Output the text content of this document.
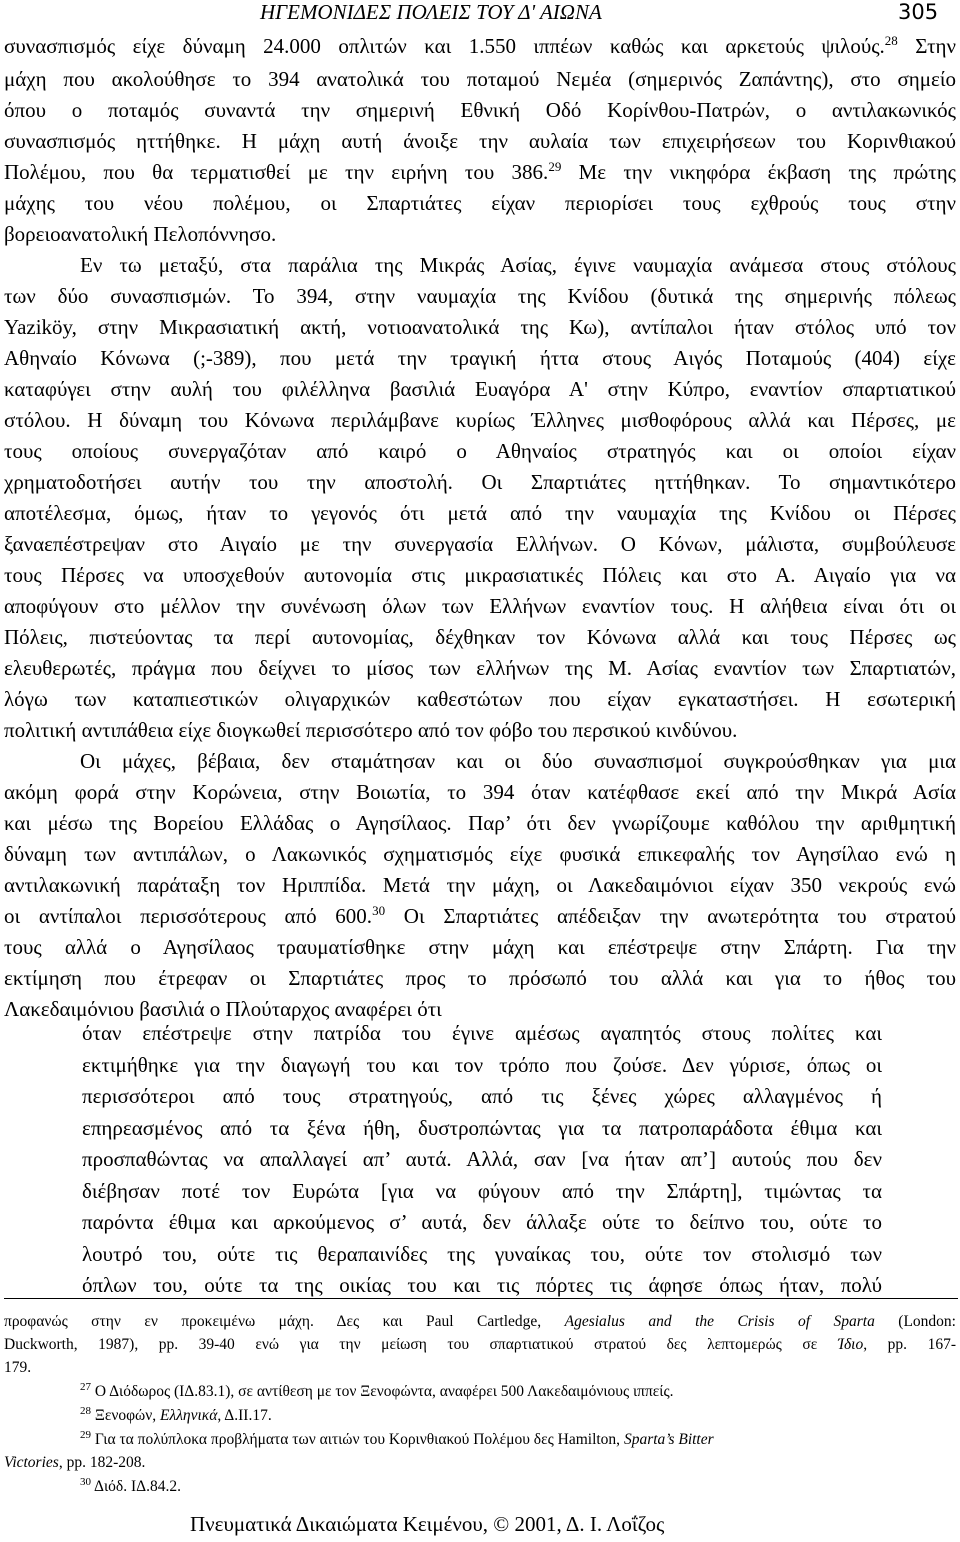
ΗΓΕΜΟΝΙΔΕΣ ΠΟΛΕΙΣ ΤΟΥ Δ' ΑΙΩΝΑ	305
συνασπισμός είχε δύναμη 24.000 οπλιτών και 1.550 ιππέων καθώς και αρκετούς ψιλούς.$^{28}$ Στην
μάχη που ακολούθησε το 394 ανατολικά του ποταμού Νεμέα (σημερινός Ζαπάντης), στο σημείο
όπου ο ποταμός συναντά την σημερινή Εθνική Οδό Κορίνθου-Πατρών, ο αντιλακωνικός
συνασπισμός ηττήθηκε. Η μάχη αυτή άνοιξε την αυλαία των επιχειρήσεων του Κορινθιακού
Πολέμου, που θα τερματισθεί με την ειρήνη του 386.29 Με την νικηφόρα έκβαση της πρώτης
μάχης του νέου πολέμου, οι Σπαρτιάτες είχαν περιορίσει τους εχθρούς τους στην
βορειοανατολική Πελοπόννησο.
Εν τω μεταξύ, στα παράλια της Μικράς Ασίας, έγινε ναυμαχία ανάμεσα στους στόλους
των δύο συνασπισμών. Το 394, στην ναυμαχία της Κνίδου (δυτικά της σημερινής πόλεως
Yaziköy, στην Μικρασιατική ακτή, νοτιοανατολικά της Κω), αντίπαλοι ήταν στόλος υπό τον
Αθηναίο Κόνωνα (;-389), που μετά την τραγική ήττα στους Αιγός Ποταμούς (404) είχε
καταφύγει στην αυλή του φιλέλληνα βασιλιά Ευαγόρα Α' στην Κύπρο, εναντίον σπαρτιατικού
στόλου. Η δύναμη του Κόνωνα περιλάμβανε κυρίως Έλληνες μισθοφόρους αλλά και Πέρσες, με
τους οποίους συνεργαζόταν από καιρό ο Αθηναίος στρατηγός και οι οποίοι είχαν
χρηματοδοτήσει αυτήν του την αποστολή. Οι Σπαρτιάτες ηττήθηκαν. Το σημαντικότερο
αποτέλεσμα, όμως, ήταν το γεγονός ότι μετά από την ναυμαχία της Κνίδου οι Πέρσες
ξαναεπέστρεψαν στο Αιγαίο με την συνεργασία Ελλήνων. Ο Κόνων, μάλιστα, συμβούλευσε
τους Πέρσες να υποσχεθούν αυτονομία στις μικρασιατικές Πόλεις και στο Α. Αιγαίο για να
αποφύγουν στο μέλλον την συνένωση όλων των Ελλήνων εναντίον τους. Η αλήθεια είναι ότι οι
Πόλεις, πιστεύοντας τα περί αυτονομίας, δέχθηκαν τον Κόνωνα αλλά και τους Πέρσες ως
ελευθερωτές, πράγμα που δείχνει το μίσος των ελλήνων της Μ. Ασίας εναντίον των Σπαρτιατών,
λόγω των καταπιεστικών ολιγαρχικών καθεστώτων που είχαν εγκαταστήσει. Η εσωτερική
πολιτική αντιπάθεια είχε διογκωθεί περισσότερο από τον φόβο του περσικού κινδύνου.
Οι μάχες, βέβαια, δεν σταμάτησαν και οι δύο συνασπισμοί συγκρούσθηκαν για μια
ακόμη φορά στην Κορώνεια, στην Βοιωτία, το 394 όταν κατέφθασε εκεί από την Μικρά Ασία
και μέσω της Βορείου Ελλάδας ο Αγησίλαος. Παρ’ ότι δεν γνωρίζουμε καθόλου την αριθμητική
δύναμη των αντιπάλων, ο Λακωνικός σχηματισμός είχε φυσικά επικεφαλής τον Αγησίλαο ενώ η
αντιλακωνική παράταξη τον Ηριππίδα. Μετά την μάχη, οι Λακεδαιμόνιοι είχαν 350 νεκρούς ενώ
οι αντίπαλοι περισσότερους από 600.30 Οι Σπαρτιάτες απέδειξαν την ανωτερότητα του στρατού
τους αλλά ο Αγησίλαος τραυματίσθηκε στην μάχη και επέστρεψε στην Σπάρτη. Για την
εκτίμηση που έτρεφαν οι Σπαρτιάτες προς το πρόσωπό του αλλά και για το ήθος του
Λακεδαιμόνιου βασιλιά ο Πλούταρχος αναφέρει ότι
όταν επέστρεψε στην πατρίδα του έγινε αμέσως αγαπητός στους πολίτες και
εκτιμήθηκε για την διαγωγή του και τον τρόπο που ζούσε. Δεν γύρισε, όπως οι
περισσότεροι από τους στρατηγούς, από τις ξένες χώρες αλλαγμένος ή
επηρεασμένος από τα ξένα ήθη, δυστροπώντας για τα πατροπαράδοτα έθιμα και
προσπαθώντας να απαλλαγεί απ’ αυτά. Αλλά, σαν [να ήταν απ’] αυτούς που δεν
διέβησαν ποτέ τον Ευρώτα [για να φύγουν από την Σπάρτη], τιμώντας τα
παρόντα έθιμα και αρκούμενος σ’ αυτά, δεν άλλαξε ούτε το δείπνο του, ούτε το
λουτρό του, ούτε τις θεραπαινίδες της γυναίκας του, ούτε τον στολισμό των
προφανώς στην εν προκειμένω μάχη. Δες και Paul Cartledge, Agesialus and the Crisis of Sparta (London:
Duckworth, 1987), pp. 39-40 ενώ για την μείωση του σπαρτιατικού στρατού δες λεπτομερώς σε Ίδιο, pp. 167-
179.
$^{27}$ Ο Διόδωρος (ΙΔ.83.1), σε αντίθεση με τον Ξενοφώντα, αναφέρει 500 Λακεδαιμόνιους ιππείς.
$^{28}$ Ξενοφών, Ελληνικά, Δ.ΙΙ.17.
$^{29}$ Για τα πολύπλοκα προβλήματα των αιτιών του Κορινθιακού Πολέμου δες Hamilton, Sparta’s Bitter
Victories, pp. 182-208.
$^{30}$ Διόδ. ΙΔ.84.2.
Πνευματικά Δικαιώματα Κειμένου, © 2001, Δ. Ι. Λοΐζος
όπλων του, ούτε τα της οικίας του και τις πόρτες τις άφησε όπως ήταν, πολύ
